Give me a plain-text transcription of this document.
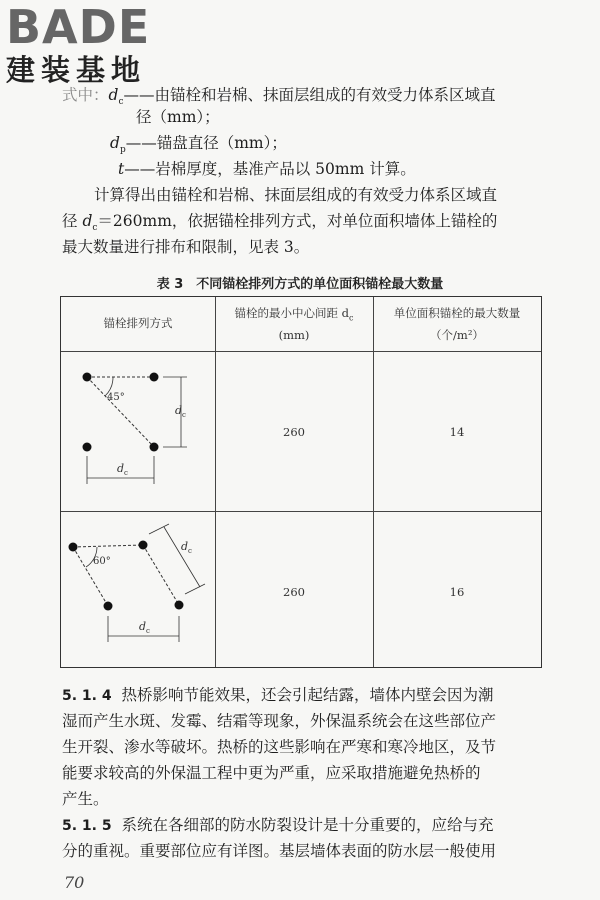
BADE
建装基地
式中：$d_c——$由锚栓和岩棉、抹面层组成的有效受力体系区域直
径（mm）；
$d_p——$锚盘直径（mm）；
t——岩棉厚度，基准产品以 50mm 计算。
计算得出由锚栓和岩棉、抹面层组成的有效受力体系区域直
径 $d_c=260mm$，依据锚栓排列方式，对单位面积墙体上锚栓的
最大数量进行排布和限制，见表 3。
表 3　不同锚栓排列方式的单位面积锚栓最大数量
锚栓排列方式
锚栓的最小中心间距 $d_c$
(mm)
单位面积锚栓的最大数量
（个/m²）
45°
d c
d c
260	14
60°
d c
d c
260	16
5. 1. 4 热桥影响节能效果，还会引起结露，墙体内壁会因为潮
湿而产生水斑、发霉、结霜等现象，外保温系统会在这些部位产
生开裂、渗水等破坏。热桥的这些影响在严寒和寒冷地区，及节
能要求较高的外保温工程中更为严重，应采取措施避免热桥的
产生。
5. 1. 5 系统在各细部的防水防裂设计是十分重要的，应给与充
分的重视。重要部位应有详图。基层墙体表面的防水层一般使用
70
